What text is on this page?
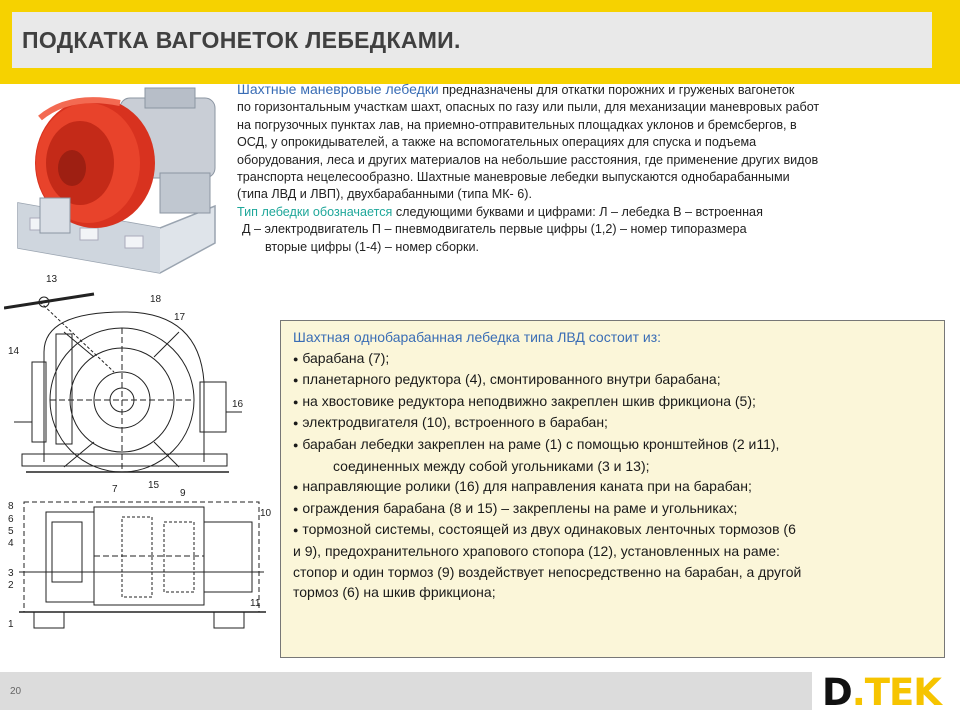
ПОДКАТКА ВАГОНЕТОК ЛЕБЕДКАМИ.
Шахтные маневровые лебедки предназначены для откатки порожних и груженых вагонеток
по горизонтальным участкам шахт, опасных по газу или пыли, для механизации маневровых работ
на погрузочных пунктах лав, на приемно-отправительных площадках уклонов и бремсбергов, в
ОСД, у опрокидывателей, а также на вспомогательных операциях для спуска и подъема
оборудования, леса и других материалов на небольшие расстояния, где применение других видов
транспорта нецелесообразно. Шахтные маневровые лебедки выпускаются однобарабанными
(типа ЛВД и ЛВП), двухбарабанными (типа МК- 6).
Тип лебедки обозначается следующими буквами и цифрами: Л – лебедка В – встроенная
Д – электродвигатель П – пневмодвигатель первые цифры (1,2) – номер типоразмера
вторые цифры (1-4) – номер сборки.
13
14
18
17
16
7	15
9
8
6
5
4
10
3
2
1
11
Шахтная однобарабанная лебедка типа ЛВД состоит из:
● барабана (7);
● планетарного редуктора (4), смонтированного внутри барабана;
● на хвостовике редуктора неподвижно закреплен шкив фрикциона (5);
● электродвигателя (10), встроенного в барабан;
● барабан лебедки закреплен на раме (1) с помощью кронштейнов (2 и11),
соединенных между собой угольниками (3 и 13);
● направляющие ролики (16) для направления каната при на барабан;
● ограждения барабана (8 и 15) – закреплены на раме и угольниках;
● тормозной системы, состоящей из двух одинаковых ленточных тормозов (6
и 9), предохранительного храпового стопора (12), установленных на раме:
стопор и один тормоз (9) воздействует непосредственно на барабан, а другой
тормоз (6) на шкив фрикциона;
20	D.TEK
